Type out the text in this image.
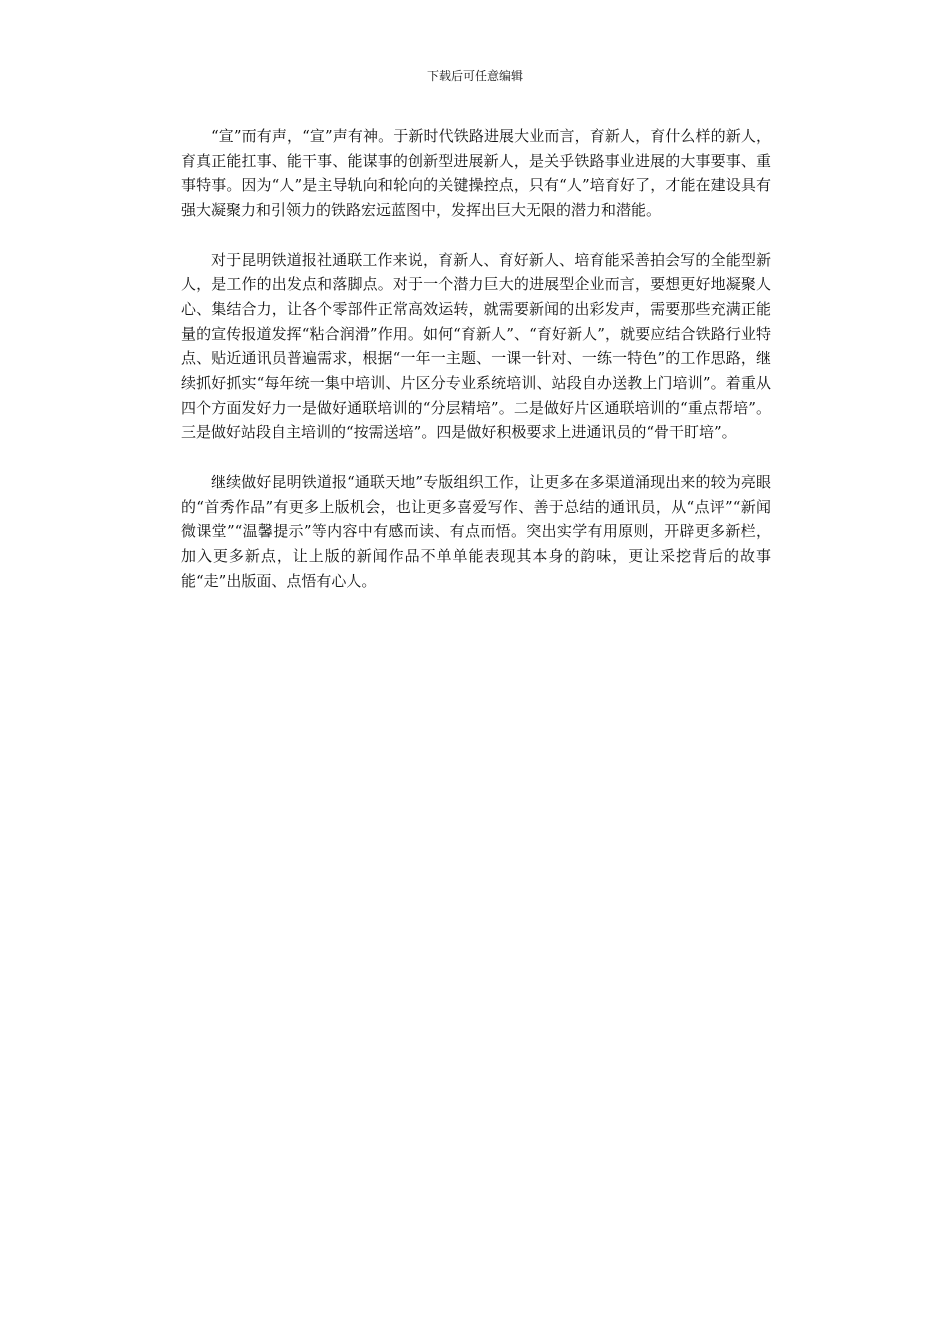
下载后可任意编辑

“宣”而有声，“宣”声有神。于新时代铁路进展大业而言，育新人，育什么样的新人，育真正能扛事、能干事、能谋事的创新型进展新人，是关乎铁路事业进展的大事要事、重事特事。因为“人”是主导轨向和轮向的关键操控点，只有“人”培育好了，才能在建设具有强大凝聚力和引领力的铁路宏远蓝图中，发挥出巨大无限的潜力和潜能。

对于昆明铁道报社通联工作来说，育新人、育好新人、培育能采善拍会写的全能型新人，是工作的出发点和落脚点。对于一个潜力巨大的进展型企业而言，要想更好地凝聚人心、集结合力，让各个零部件正常高效运转，就需要新闻的出彩发声，需要那些充满正能量的宣传报道发挥“粘合润滑”作用。如何“育新人”、“育好新人”，就要应结合铁路行业特点、贴近通讯员普遍需求，根据“一年一主题、一课一针对、一练一特色”的工作思路，继续抓好抓实“每年统一集中培训、片区分专业系统培训、站段自办送教上门培训”。着重从四个方面发好力一是做好通联培训的“分层精培”。二是做好片区通联培训的“重点帮培”。三是做好站段自主培训的“按需送培”。四是做好积极要求上进通讯员的“骨干盯培”。

继续做好昆明铁道报“通联天地”专版组织工作，让更多在多渠道涌现出来的较为亮眼的“首秀作品”有更多上版机会，也让更多喜爱写作、善于总结的通讯员，从“点评”“新闻微课堂”“温馨提示”等内容中有感而读、有点而悟。突出实学有用原则，开辟更多新栏，加入更多新点，让上版的新闻作品不单单能表现其本身的韵味，更让采挖背后的故事能“走”出版面、点悟有心人。
